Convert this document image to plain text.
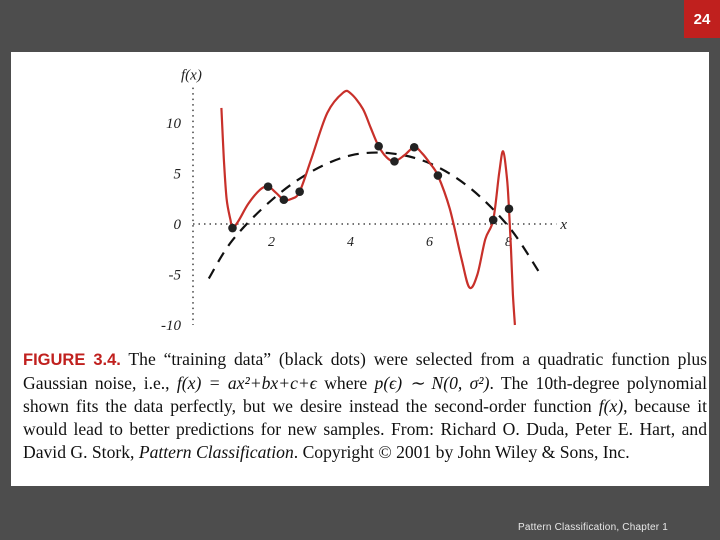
24
f(x)
x
2	4	6	8
10
5
0
-5
-10
FIGURE 3.4. The “training data” (black dots) were selected from a quadratic function plus Gaussian noise, i.e., f(x) = ax²+bx+c+ϵ where p(ϵ) ∼ N(0, σ²). The 10th-degree polynomial shown fits the data perfectly, but we desire instead the second-order function f(x), because it would lead to better predictions for new samples. From: Richard O. Duda, Peter E. Hart, and David G. Stork, Pattern Classification. Copyright © 2001 by John Wiley & Sons, Inc.
Pattern Classification, Chapter 1
